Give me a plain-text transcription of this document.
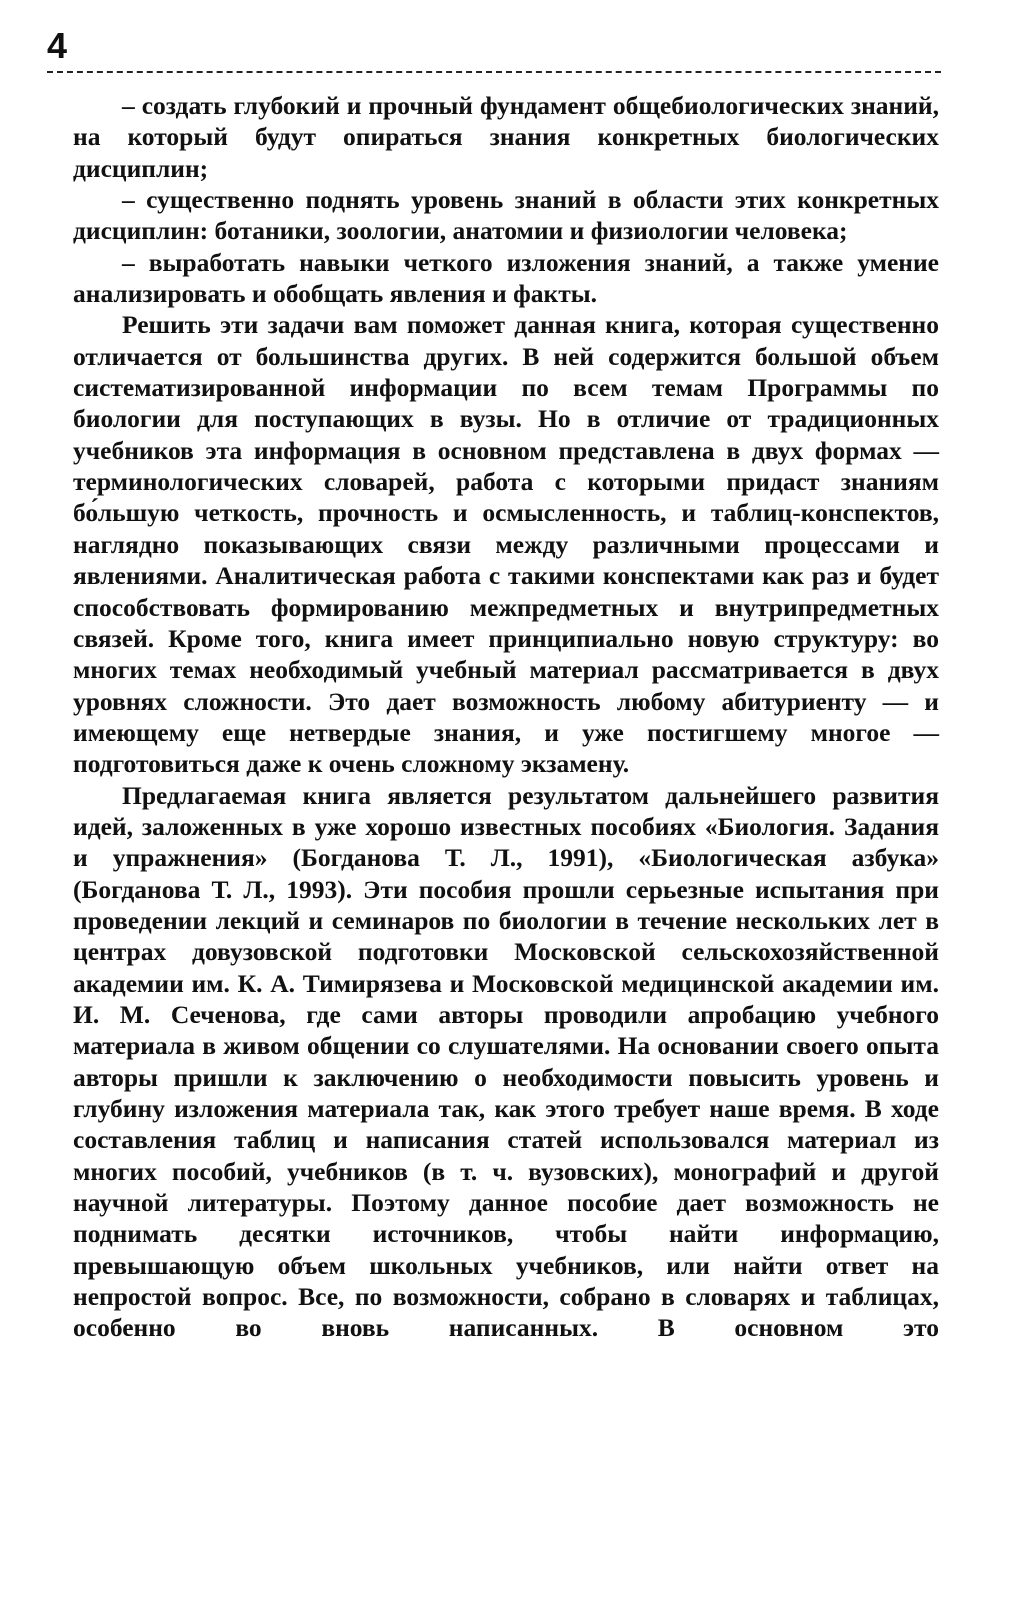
4

– создать глубокий и прочный фундамент общебиологических знаний, на который будут опираться знания конкретных биологических дисциплин;

– существенно поднять уровень знаний в области этих конкретных дисциплин: ботаники, зоологии, анатомии и физиологии человека;

– выработать навыки четкого изложения знаний, а также умение анализировать и обобщать явления и факты.

Решить эти задачи вам поможет данная книга, которая существенно отличается от большинства других. В ней содержится большой объем систематизированной информации по всем темам Программы по биологии для поступающих в вузы. Но в отличие от традиционных учебников эта информация в основном представлена в двух формах — терминологических словарей, работа с которыми придаст знаниям бо́льшую четкость, прочность и осмысленность, и таблиц-конспектов, наглядно показывающих связи между различными процессами и явлениями. Аналитическая работа с такими конспектами как раз и будет способствовать формированию межпредметных и внутрипредметных связей. Кроме того, книга имеет принципиально новую структуру: во многих темах необходимый учебный материал рассматривается в двух уровнях сложности. Это дает возможность любому абитуриенту — и имеющему еще нетвердые знания, и уже постигшему многое — подготовиться даже к очень сложному экзамену.

Предлагаемая книга является результатом дальнейшего развития идей, заложенных в уже хорошо известных пособиях «Биология. Задания и упражнения» (Богданова Т. Л., 1991), «Биологическая азбука» (Богданова Т. Л., 1993). Эти пособия прошли серьезные испытания при проведении лекций и семинаров по биологии в течение нескольких лет в центрах довузовской подготовки Московской сельскохозяйственной академии им. К. А. Тимирязева и Московской медицинской академии им. И. М. Сеченова, где сами авторы проводили апробацию учебного материала в живом общении со слушателями. На основании своего опыта авторы пришли к заключению о необходимости повысить уровень и глубину изложения материала так, как этого требует наше время. В ходе составления таблиц и написания статей использовался материал из многих пособий, учебников (в т. ч. вузовских), монографий и другой научной литературы. Поэтому данное пособие дает возможность не поднимать десятки источников, чтобы найти информацию, превышающую объем школьных учебников, или найти ответ на непростой вопрос. Все, по возможности, собрано в словарях и таблицах, особенно во вновь написанных. В основном это
